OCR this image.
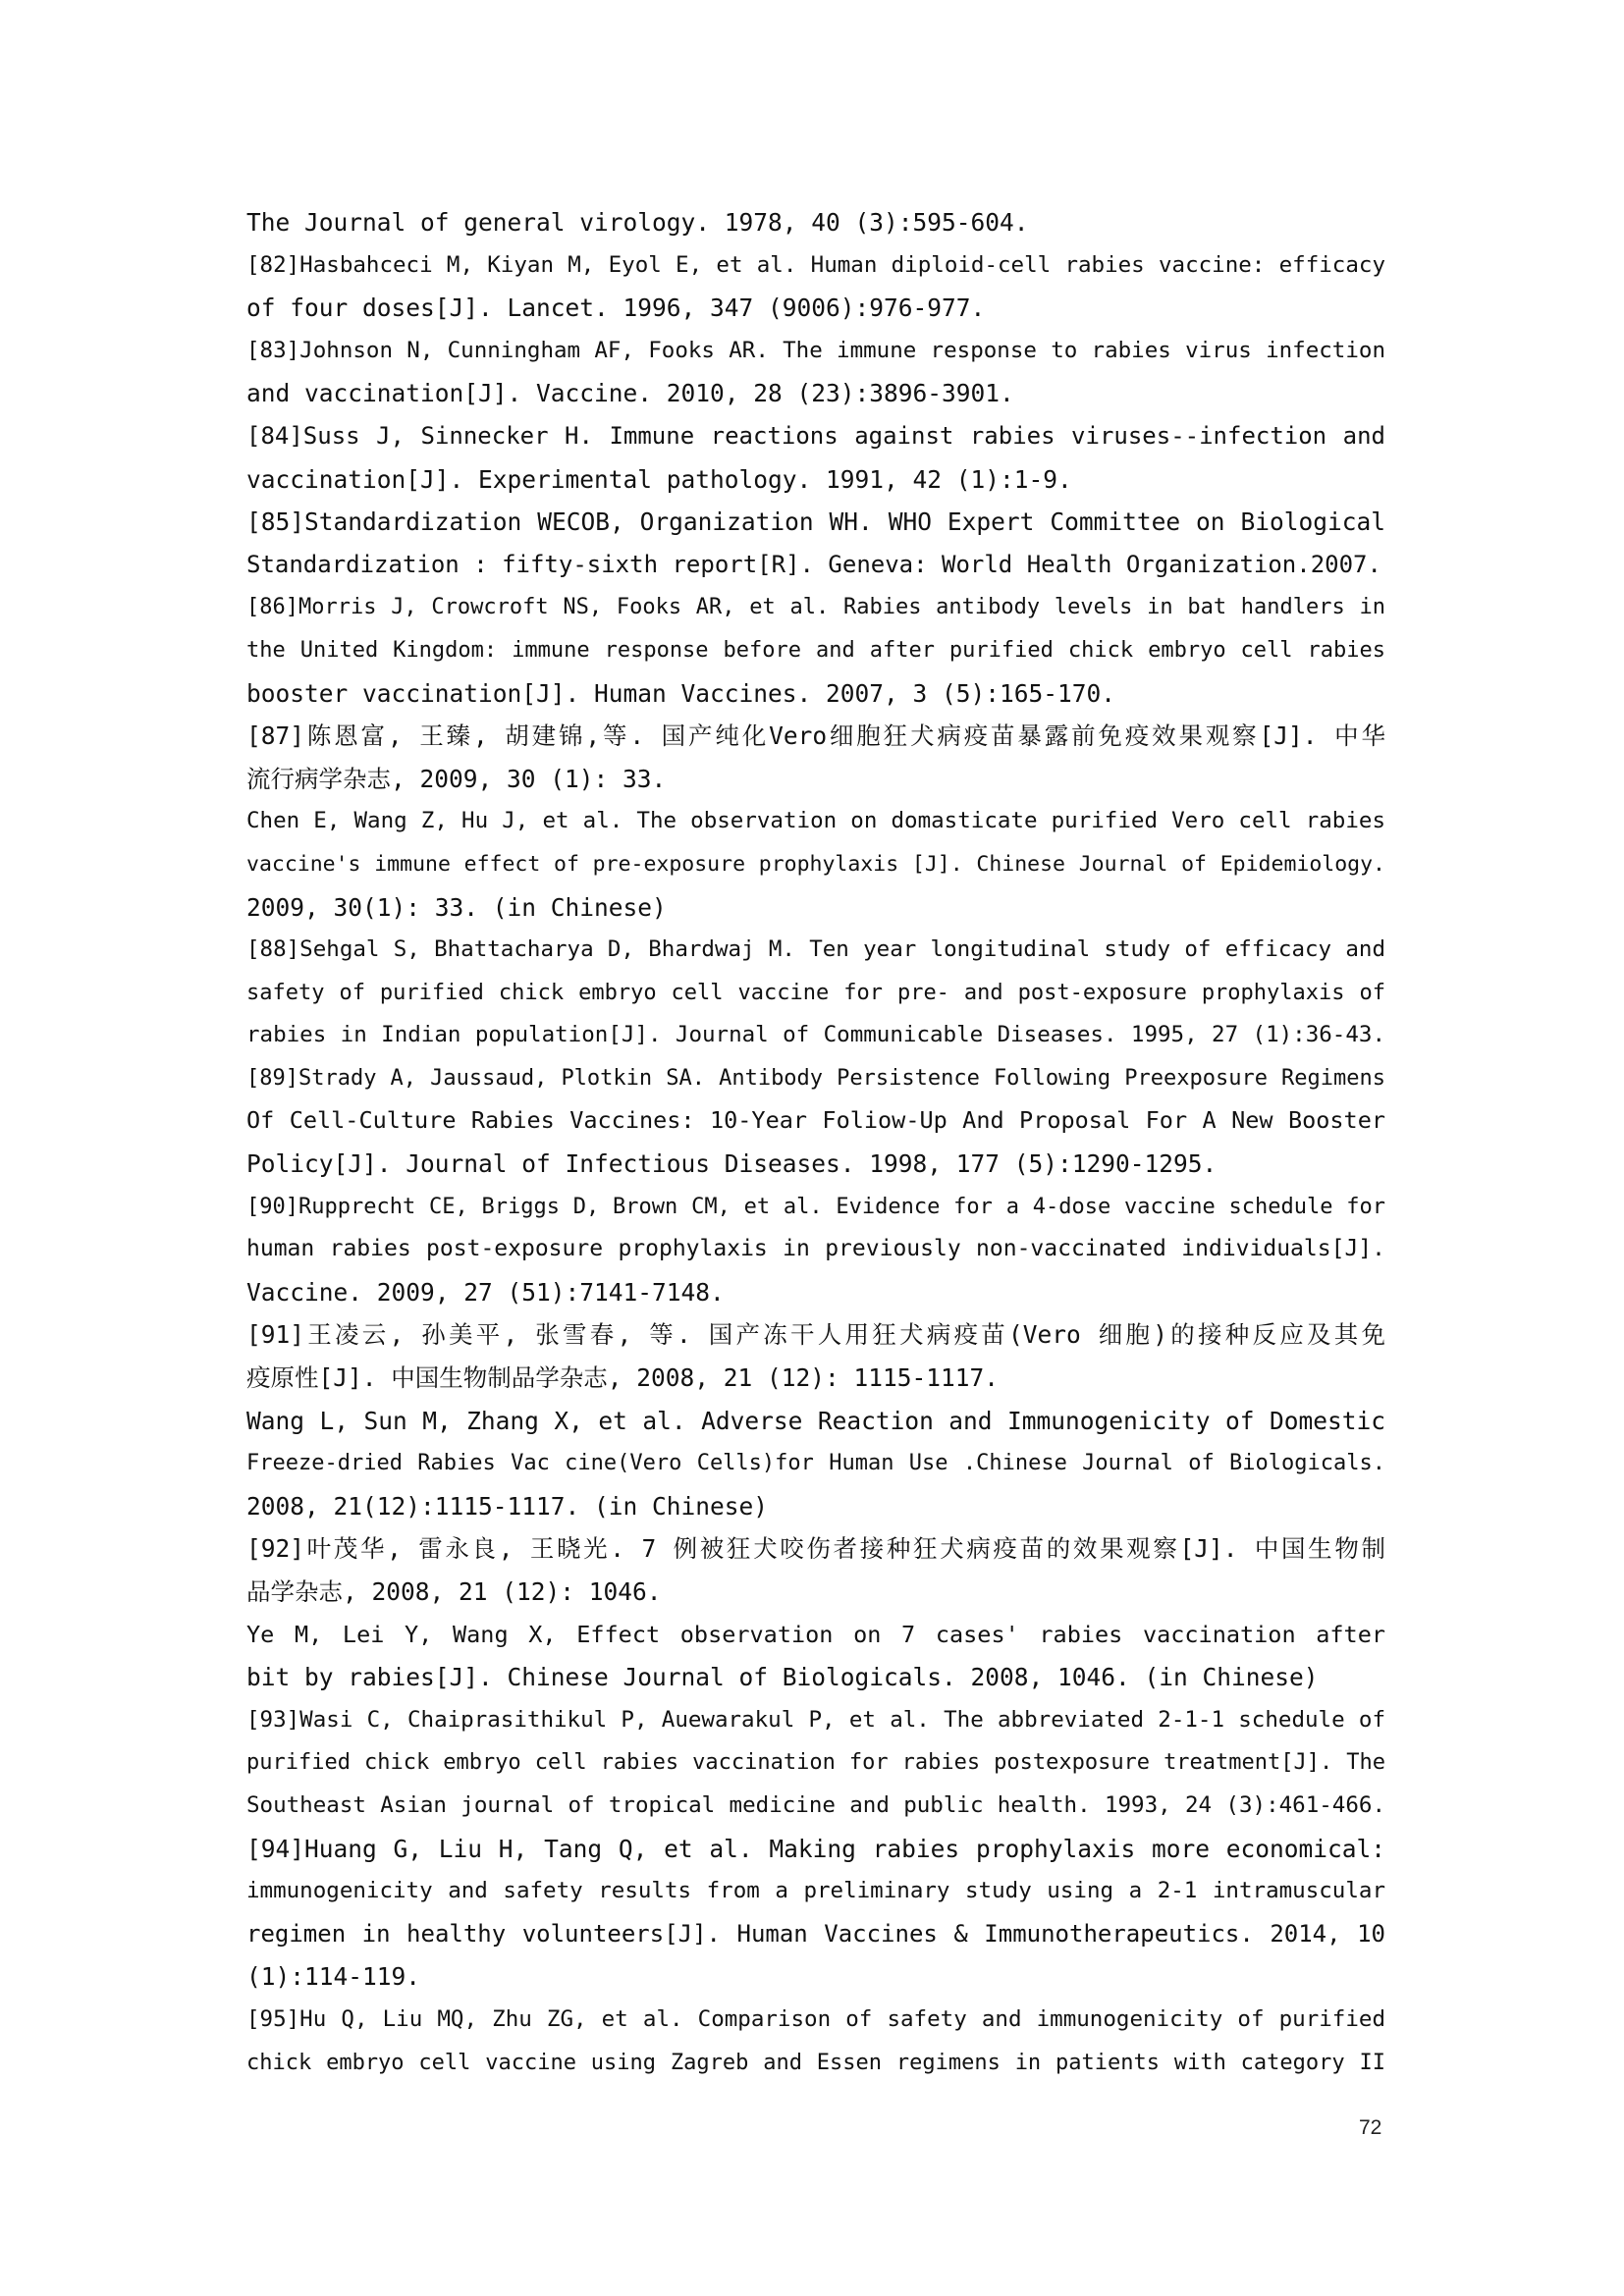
The Journal of general virology. 1978, 40 (3):595-604.
[82]Hasbahceci M, Kiyan M, Eyol E, et al. Human diploid-cell rabies vaccine: efficacy
of four doses[J]. Lancet. 1996, 347 (9006):976-977.
[83]Johnson N, Cunningham AF, Fooks AR. The immune response to rabies virus infection
and vaccination[J]. Vaccine. 2010, 28 (23):3896-3901.
[84]Suss J, Sinnecker H. Immune reactions against rabies viruses--infection and
vaccination[J]. Experimental pathology. 1991, 42 (1):1-9.
[85]Standardization WECOB, Organization WH. WHO Expert Committee on Biological
Standardization : fifty-sixth report[R]. Geneva: World Health Organization.2007.
[86]Morris J, Crowcroft NS, Fooks AR, et al. Rabies antibody levels in bat handlers in
the United Kingdom: immune response before and after purified chick embryo cell rabies
booster vaccination[J]. Human Vaccines. 2007, 3 (5):165-170.
[87]陈恩富, 王臻, 胡建锦,等. 国产纯化Vero细胞狂犬病疫苗暴露前免疫效果观察[J]. 中华
流行病学杂志, 2009, 30 (1): 33.
Chen E, Wang Z, Hu J, et al. The observation on domasticate purified Vero cell rabies
vaccine's immune effect of pre-exposure prophylaxis [J]. Chinese Journal of Epidemiology.
2009, 30(1): 33. (in Chinese)
[88]Sehgal S, Bhattacharya D, Bhardwaj M. Ten year longitudinal study of efficacy and
safety of purified chick embryo cell vaccine for pre- and post-exposure prophylaxis of
rabies in Indian population[J]. Journal of Communicable Diseases. 1995, 27 (1):36-43.
[89]Strady A, Jaussaud, Plotkin SA. Antibody Persistence Following Preexposure Regimens
Of Cell-Culture Rabies Vaccines: 10-Year Foliow-Up And Proposal For A New Booster
Policy[J]. Journal of Infectious Diseases. 1998, 177 (5):1290-1295.
[90]Rupprecht CE, Briggs D, Brown CM, et al. Evidence for a 4-dose vaccine schedule for
human rabies post-exposure prophylaxis in previously non-vaccinated individuals[J].
Vaccine. 2009, 27 (51):7141-7148.
[91]王凌云, 孙美平, 张雪春, 等. 国产冻干人用狂犬病疫苗(Vero 细胞)的接种反应及其免
疫原性[J]. 中国生物制品学杂志, 2008, 21 (12): 1115-1117.
Wang L, Sun M, Zhang X, et al. Adverse Reaction and Immunogenicity of Domestic
Freeze-dried Rabies Vac cine(Vero Cells)for Human Use .Chinese Journal of Biologicals.
2008, 21(12):1115-1117. (in Chinese)
[92]叶茂华, 雷永良, 王晓光. 7 例被狂犬咬伤者接种狂犬病疫苗的效果观察[J]. 中国生物制
品学杂志, 2008, 21 (12): 1046.
Ye M, Lei Y, Wang X, Effect observation on 7 cases' rabies vaccination after
bit by rabies[J]. Chinese Journal of Biologicals. 2008, 1046. (in Chinese)
[93]Wasi C, Chaiprasithikul P, Auewarakul P, et al. The abbreviated 2-1-1 schedule of
purified chick embryo cell rabies vaccination for rabies postexposure treatment[J]. The
Southeast Asian journal of tropical medicine and public health. 1993, 24 (3):461-466.
[94]Huang G, Liu H, Tang Q, et al. Making rabies prophylaxis more economical:
immunogenicity and safety results from a preliminary study using a 2-1 intramuscular
regimen in healthy volunteers[J]. Human Vaccines & Immunotherapeutics. 2014, 10
(1):114-119.
[95]Hu Q, Liu MQ, Zhu ZG, et al. Comparison of safety and immunogenicity of purified
chick embryo cell vaccine using Zagreb and Essen regimens in patients with category II
72
